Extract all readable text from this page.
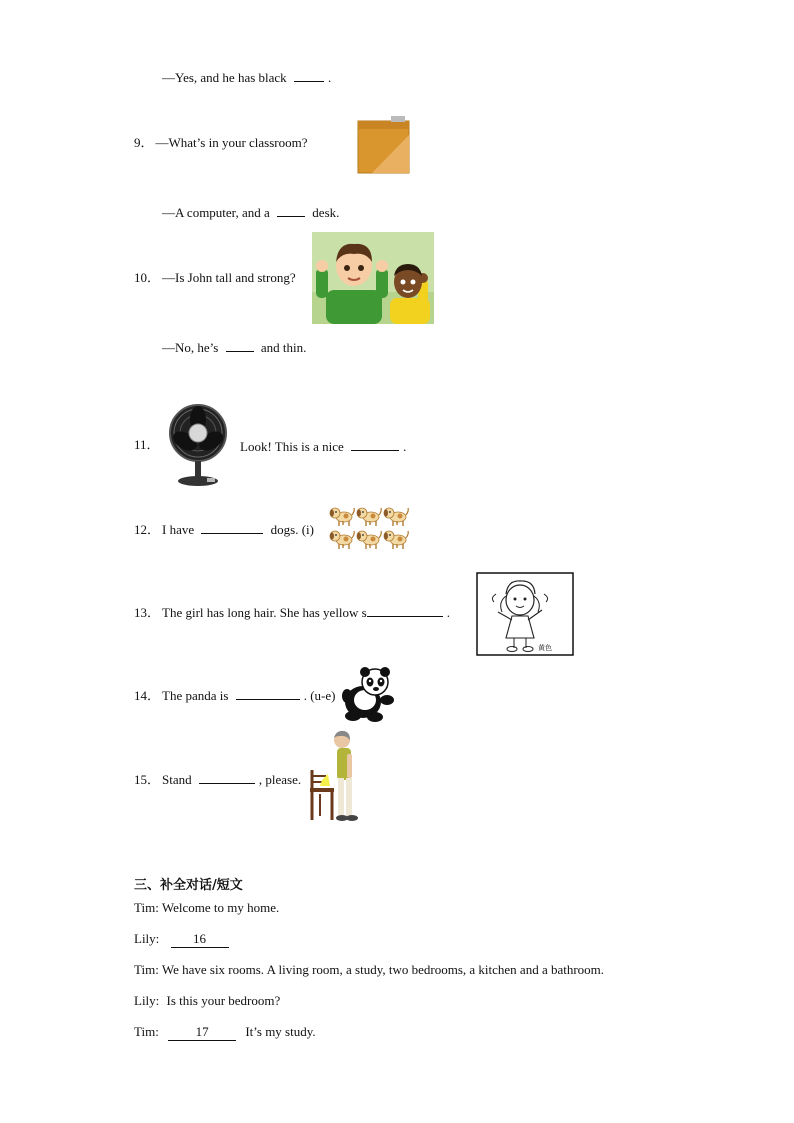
—Yes, and he has black	.
9． —What’s in your classroom?
—A computer, and a	desk.
10． —Is John tall and strong?
—No, he’s	and thin.
11．	Look! This is a nice	.
12． I have	dogs. (i)
13． The girl has long hair. She has yellow s	.
黄色
14． The panda is	. (u-e)
15． Stand	, please.
三、补全对话/短文
Tim: Welcome to my home.
Lily:	16
Tim: We have six rooms. A living room, a study, two bedrooms, a kitchen and a bathroom.
Lily: Is this your bedroom?
Tim:	17	It’s my study.
